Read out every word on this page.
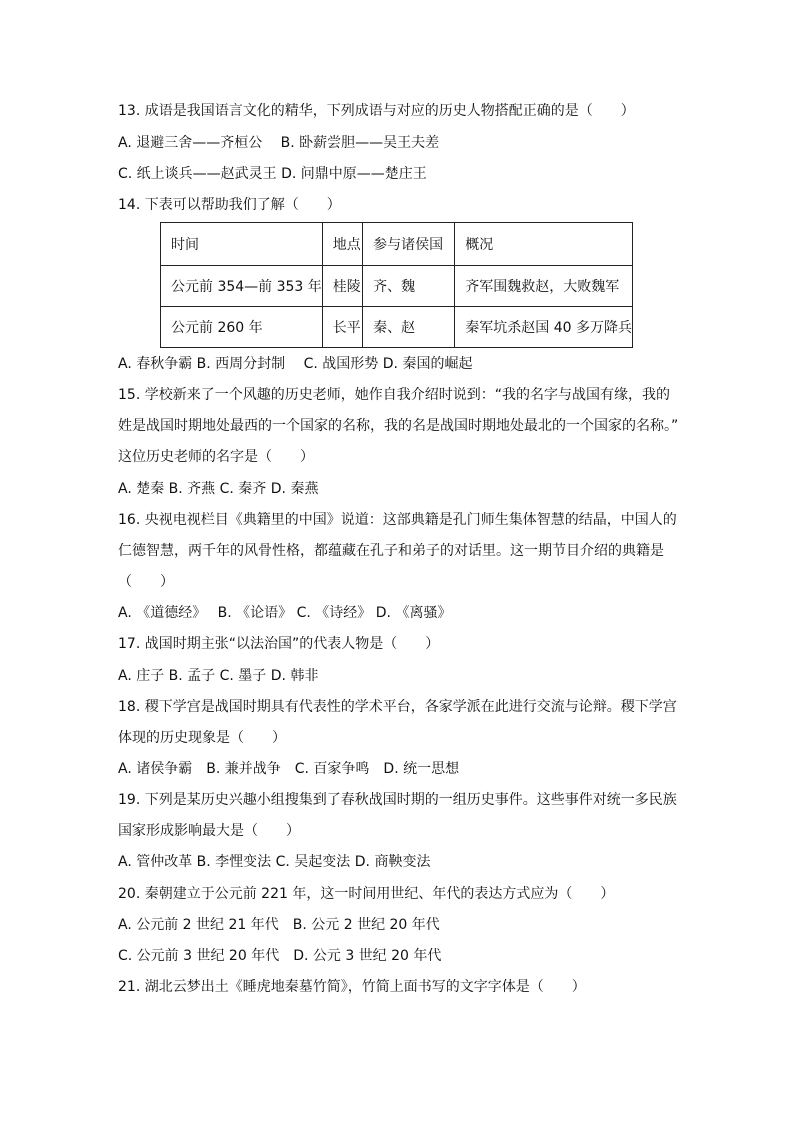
13. 成语是我国语言文化的精华，下列成语与对应的历史人物搭配正确的是（　　）
A. 退避三舍——齐桓公　 B. 卧薪尝胆——吴王夫差
C. 纸上谈兵——赵武灵王 D. 问鼎中原——楚庄王
14. 下表可以帮助我们了解（　　）
时间	地点	参与诸侯国	概况
公元前 354—前 353 年	桂陵	齐、魏	齐军围魏救赵，大败魏军
公元前 260 年	长平	秦、赵	秦军坑杀赵国 40 多万降兵
A. 春秋争霸 B. 西周分封制　 C. 战国形势 D. 秦国的崛起
15. 学校新来了一个风趣的历史老师，她作自我介绍时说到：“我的名字与战国有缘，我的
姓是战国时期地处最西的一个国家的名称，我的名是战国时期地处最北的一个国家的名称。”
这位历史老师的名字是（　　）
A. 楚秦 B. 齐燕 C. 秦齐 D. 秦燕
16. 央视电视栏目《典籍里的中国》说道：这部典籍是孔门师生集体智慧的结晶，中国人的
仁德智慧，两千年的风骨性格，都蕴藏在孔子和弟子的对话里。这一期节目介绍的典籍是
（　　）
A. 《道德经》　 B. 《论语》 C. 《诗经》 D. 《离骚》
17. 战国时期主张“以法治国”的代表人物是（　　）
A. 庄子 B. 孟子 C. 墨子 D. 韩非
18. 稷下学宫是战国时期具有代表性的学术平台，各家学派在此进行交流与论辩。稷下学宫
体现的历史现象是（　　）
A. 诸侯争霸　B. 兼并战争　C. 百家争鸣　D. 统一思想
19. 下列是某历史兴趣小组搜集到了春秋战国时期的一组历史事件。这些事件对统一多民族
国家形成影响最大是（　　）
A. 管仲改革 B. 李悝变法 C. 吴起变法 D. 商鞅变法
20. 秦朝建立于公元前 221 年，这一时间用世纪、年代的表达方式应为（　　）
A. 公元前 2 世纪 21 年代　B. 公元 2 世纪 20 年代
C. 公元前 3 世纪 20 年代　D. 公元 3 世纪 20 年代
21. 湖北云梦出土《睡虎地秦墓竹简》，竹简上面书写的文字字体是（　　）
